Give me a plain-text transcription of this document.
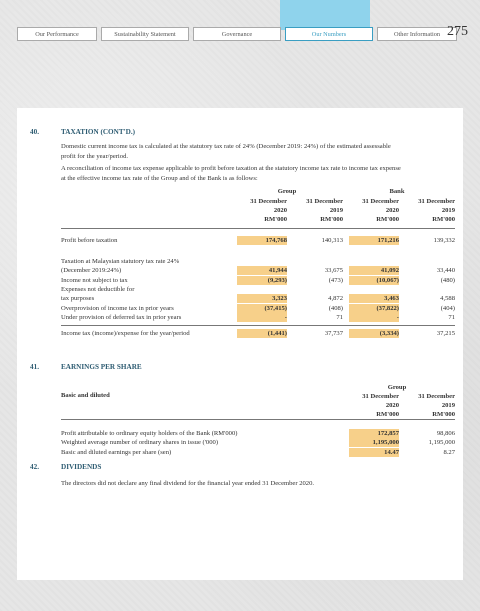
Our Performance	Sustainability Statement	Governance	Our Numbers	Other Information 275
40.	TAXATION (CONT'D.)
Domestic current income tax is calculated at the statutory tax rate of 24% (December 2019: 24%) of the estimated assessable
profit for the year/period.
A reconciliation of income tax expense applicable to profit before taxation at the statutory income tax rate to income tax expense
at the effective income tax rate of the Group and of the Bank is as follows:
Group	Bank
31 December
2020
RM'000
31 December
2019
RM'000
31 December
2020
RM'000
31 December
2019
RM'000
Profit before taxation	174,768	140,313	171,216	139,332
Taxation at Malaysian statutory tax rate 24%
(December 2019:24%)	41,944	33,675	41,092	33,440
Income not subject to tax	(9,293)	(473)	(10,067)	(480)
Expenses not deductible for
tax purposes	3,323	4,872	3,463	4,588
Overprovision of income tax in prior years	(37,415)	(408)	(37,822)	(404)
Under provision of deferred tax in prior years	-	71	-	71
Income tax (income)/expense for the year/period	(1,441)	37,737	(3,334)	37,215
41.	EARNINGS PER SHARE
Group
Basic and diluted	31 December
2020
RM'000
31 December
2019
RM'000
Profit attributable to ordinary equity holders of the Bank (RM'000)	172,857	98,806
Weighted average number of ordinary shares in issue ('000)	1,195,000	1,195,000
Basic and diluted earnings per share (sen)	14.47	8.27
42.	DIVIDENDS
The directors did not declare any final dividend for the financial year ended 31 December 2020.
